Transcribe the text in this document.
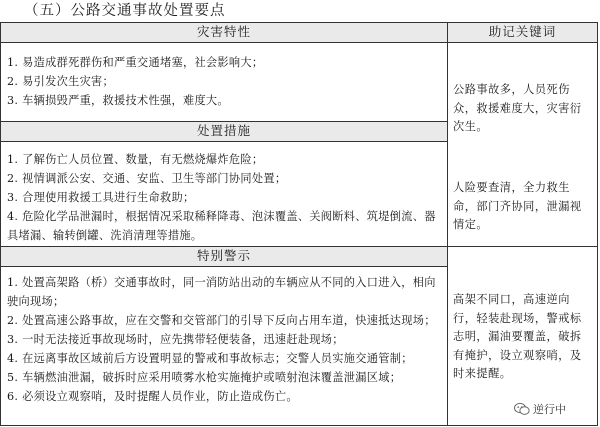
（五）公路交通事故处置要点
灾害特性	助记关键词
1. 易造成群死群伤和严重交通堵塞，社会影响大；
2. 易引发次生灾害；
3. 车辆损毁严重，救援技术性强，难度大。
公路事故多，人员死伤众，救援难度大，灾害衍次生。
处置措施
1. 了解伤亡人员位置、数量，有无燃烧爆炸危险；
2. 视情调派公安、交通、安监、卫生等部门协同处置；
3. 合理使用救援工具进行生命救助；
4. 危险化学品泄漏时，根据情况采取稀释降毒、泡沫覆盖、关阀断料、筑堤倒流、器具堵漏、输转倒罐、洗消清理等措施。
人险要查清，全力救生命，部门齐协同，泄漏视情定。
特别警示
1. 处置高架路（桥）交通事故时，同一消防站出动的车辆应从不同的入口进入，相向驶向现场；
2. 处置高速公路事故，应在交警和交管部门的引导下反向占用车道，快速抵达现场；
3. 一时无法接近事故现场时，应先携带轻便装备，迅速赶赴现场；
4. 在远离事故区域前后方设置明显的警戒和事故标志；交警人员实施交通管制；
5. 车辆燃油泄漏，破拆时应采用喷雾水枪实施掩护或喷射泡沫覆盖泄漏区域；
6. 必须设立观察哨，及时提醒人员作业，防止造成伤亡。
高架不同口，高速逆向行，轻装赴现场，警戒标志明，漏油要覆盖，破拆有掩护，设立观察哨，及时来提醒。
逆行中
